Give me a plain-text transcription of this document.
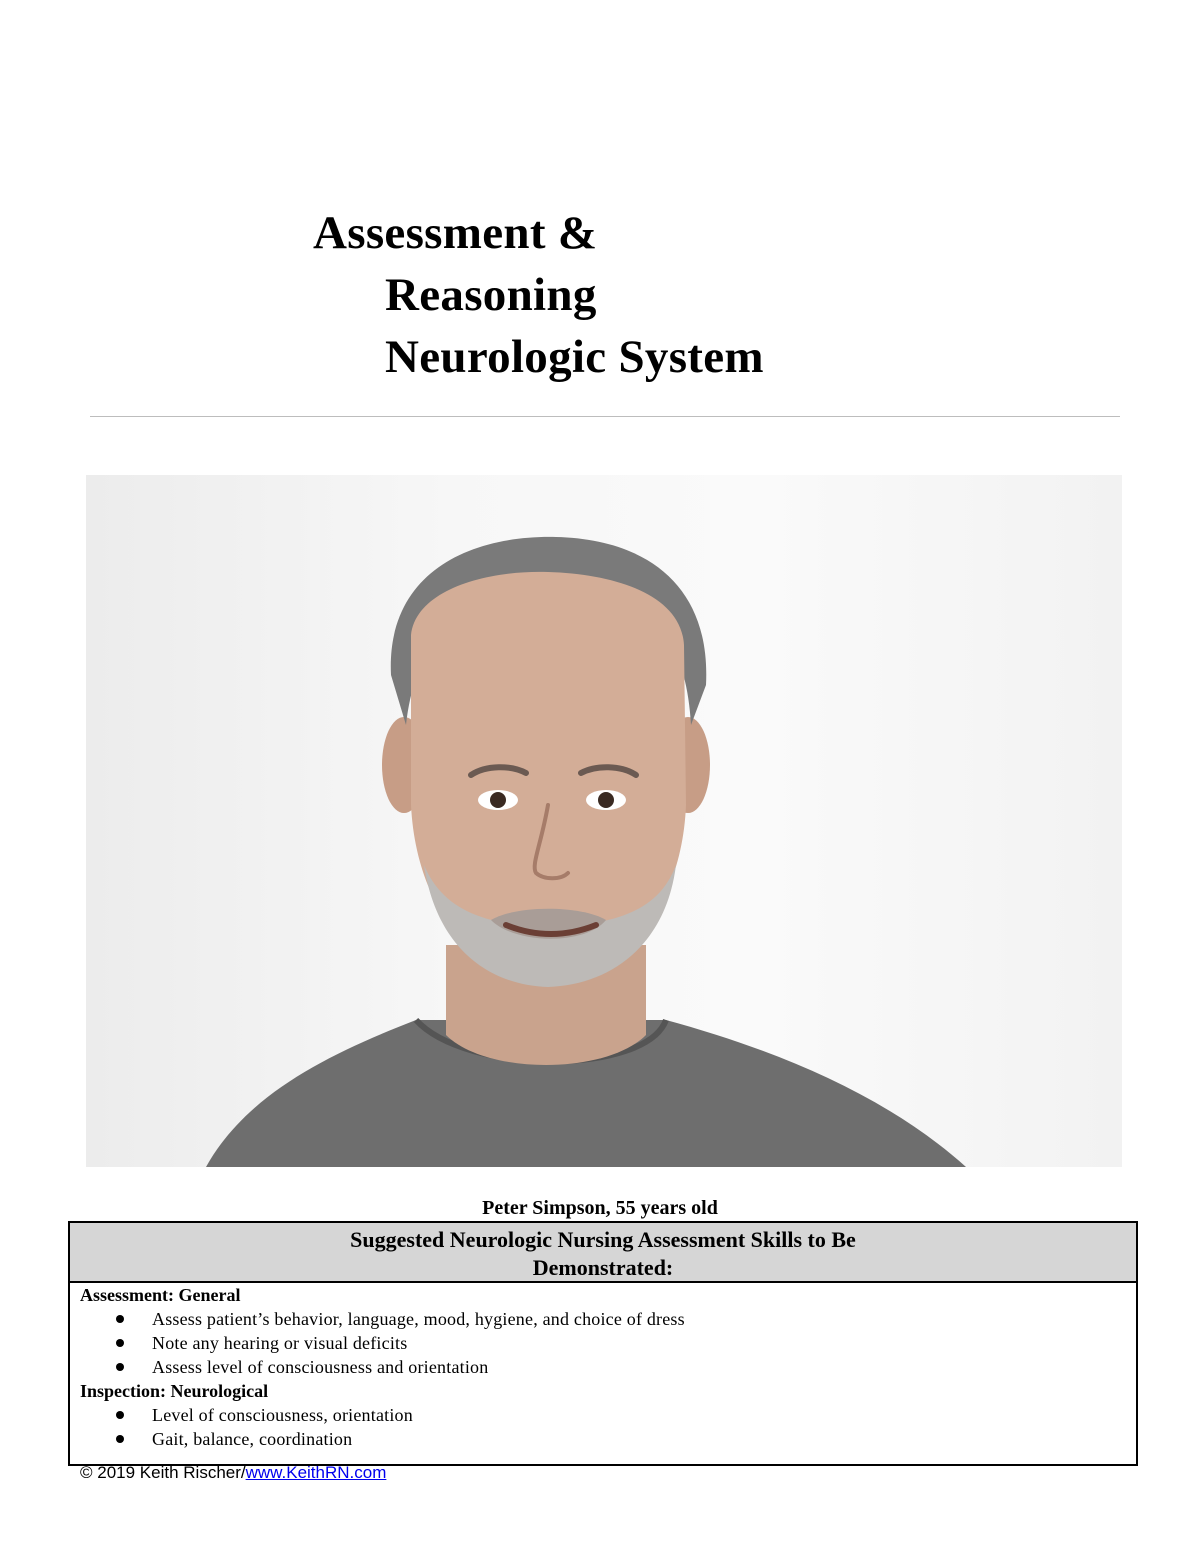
Assessment &
Reasoning
Neurologic System
Peter Simpson, 55 years old
Suggested Neurologic Nursing Assessment Skills to Be
Demonstrated:

Assessment: General

Assess patient’s behavior, language, mood, hygiene, and choice of dress
Note any hearing or visual deficits
Assess level of consciousness and orientation

Inspection: Neurological

Level of consciousness, orientation
Gait, balance, coordination
© 2019 Keith Rischer/www.KeithRN.com
